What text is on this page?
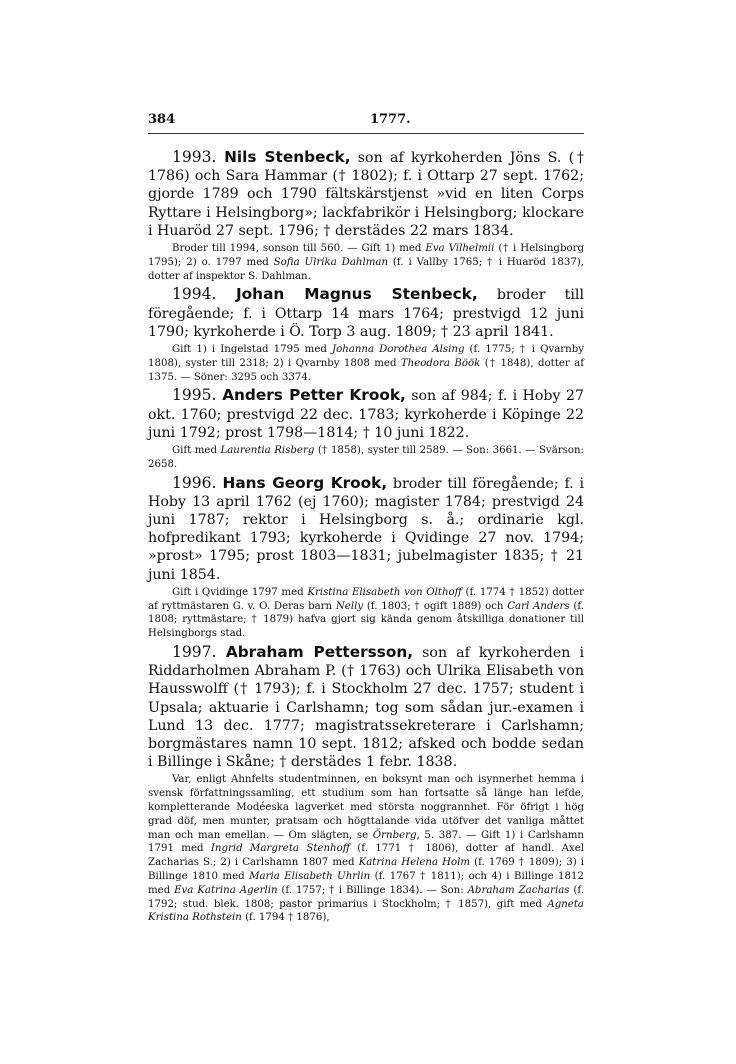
384	1777.

1993. Nils Stenbeck, son af kyrkoherden Jöns S. († 1786) och Sara Hammar († 1802); f. i Ottarp 27 sept. 1762; gjorde 1789 och 1790 fältskärstjenst »vid en liten Corps Ryttare i Helsingborg»; lackfabrikör i Helsingborg; klockare i Huaröd 27 sept. 1796; † derstädes 22 mars 1834.

Broder till 1994, sonson till 560. — Gift 1) med Eva Vilhelmii († i Helsingborg 1795); 2) o. 1797 med Sofia Ulrika Dahlman (f. i Vallby 1765; † i Huaröd 1837), dotter af inspektor S. Dahlman.

1994. Johan Magnus Stenbeck, broder till föregående; f. i Ottarp 14 mars 1764; prestvigd 12 juni 1790; kyrkoherde i Ö. Torp 3 aug. 1809; † 23 april 1841.

Gift 1) i Ingelstad 1795 med Johanna Dorothea Alsing (f. 1775; † i Qvarnby 1808), syster till 2318; 2) i Qvarnby 1808 med Theodora Böök († 1848), dotter af 1375. — Söner: 3295 och 3374.

1995. Anders Petter Krook, son af 984; f. i Hoby 27 okt. 1760; prestvigd 22 dec. 1783; kyrkoherde i Köpinge 22 juni 1792; prost 1798—1814; † 10 juni 1822.

Gift med Laurentia Risberg († 1858), syster till 2589. — Son: 3661. — Svärson: 2658.

1996. Hans Georg Krook, broder till föregående; f. i Hoby 13 april 1762 (ej 1760); magister 1784; prestvigd 24 juni 1787; rektor i Helsingborg s. å.; ordinarie kgl. hofpredikant 1793; kyrkoherde i Qvidinge 27 nov. 1794; »prost» 1795; prost 1803—1831; jubelmagister 1835; † 21 juni 1854.

Gift i Qvidinge 1797 med Kristina Elisabeth von Olthoff (f. 1774 † 1852) dotter af ryttmästaren G. v. O. Deras barn Nelly (f. 1803; † ogift 1889) och Carl Anders (f. 1808; ryttmästare; † 1879) hafva gjort sig kända genom åtskilliga donationer till Helsingborgs stad.

1997. Abraham Pettersson, son af kyrkoherden i Riddarholmen Abraham P. († 1763) och Ulrika Elisabeth von Hausswolff († 1793); f. i Stockholm 27 dec. 1757; student i Upsala; aktuarie i Carlshamn; tog som sådan jur.-examen i Lund 13 dec. 1777; magistratssekreterare i Carlshamn; borgmästares namn 10 sept. 1812; afsked och bodde sedan i Billinge i Skåne; † derstädes 1 febr. 1838.

Var, enligt Ahnfelts studentminnen, en boksynt man och isynnerhet hemma i svensk författningssamling, ett studium som han fortsatte så länge han lefde, kompletterande Modéeska lagverket med största noggrannhet. För öfrigt i hög grad döf, men munter, pratsam och högttalande vida utöfver det vanliga måttet man och man emellan. — Om slägten, se Örnberg, 5. 387. — Gift 1) i Carlshamn 1791 med Ingrid Margreta Stenhoff (f. 1771 † 1806), dotter af handl. Axel Zacharias S.; 2) i Carlshamn 1807 med Katrina Helena Holm (f. 1769 † 1809); 3) i Billinge 1810 med Maria Elisabeth Uhrlin (f. 1767 † 1811); och 4) i Billinge 1812 med Eva Katrina Agerlin (f. 1757; † i Billinge 1834). — Son: Abraham Zacharias (f. 1792; stud. blek. 1808; pastor primarius i Stockholm; † 1857), gift med Agneta Kristina Rothstein (f. 1794 † 1876),
